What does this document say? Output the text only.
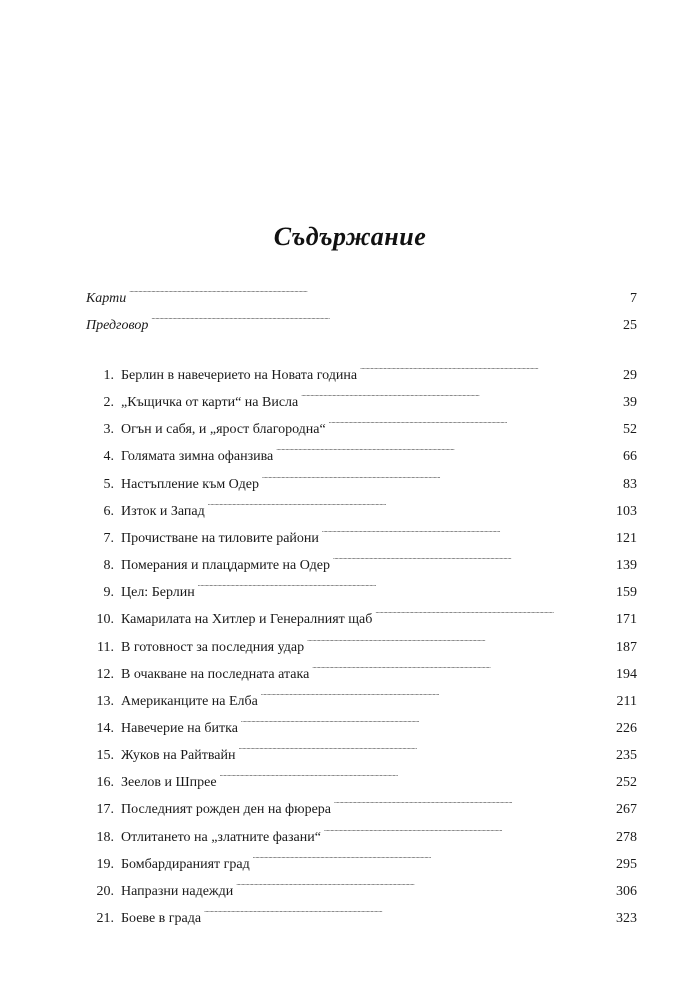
Съдържание
Карти . . .	7
Предговор . . .	25
1. Берлин в навечерието на Новата година . . .	29
2. „Къщичка от карти“ на Висла . . .	39
3. Огън и сабя, и „ярост благородна“ . . .	52
4. Голямата зимна офанзива . . .	66
5. Настъпление към Одер . . .	83
6. Изток и Запад . . .	103
7. Прочистване на тиловите райони . . .	121
8. Померания и плацдармите на Одер . . .	139
9. Цел: Берлин . . .	159
10. Камарилата на Хитлер и Генералният щаб . . .	171
11. В готовност за последния удар . . .	187
12. В очакване на последната атака . . .	194
13. Американците на Елба . . .	211
14. Навечерие на битка . . .	226
15. Жуков на Райтвайн . . .	235
16. Зеелов и Шпрее . . .	252
17. Последният рожден ден на фюрера . . .	267
18. Отлитането на „златните фазани“ . . .	278
19. Бомбардираният град . . .	295
20. Напразни надежди . . .	306
21. Боеве в града . . .	323
